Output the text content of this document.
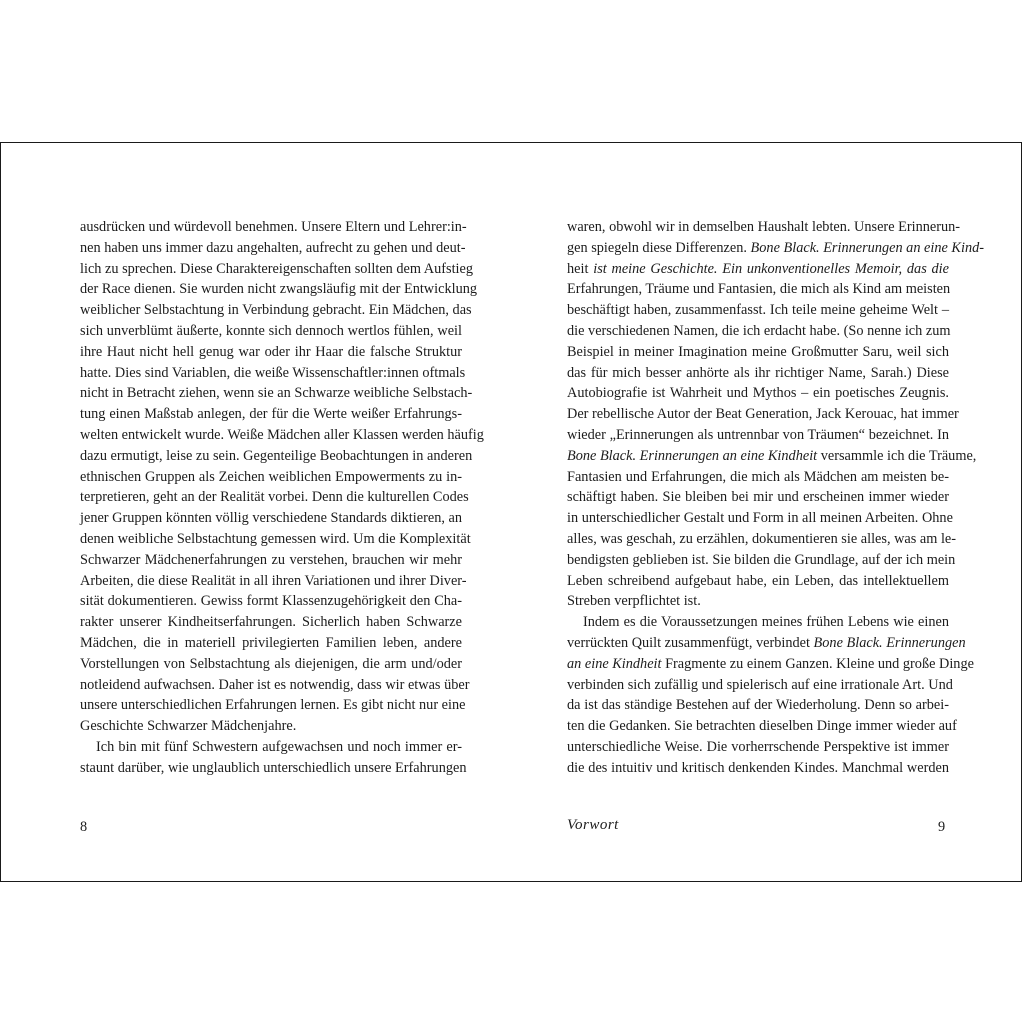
ausdrücken und würdevoll benehmen. Unsere Eltern und Lehrer:in-
nen haben uns immer dazu angehalten, aufrecht zu gehen und deut-
lich zu sprechen. Diese Charaktereigenschaften sollten dem Aufstieg
der Race dienen. Sie wurden nicht zwangsläufig mit der Entwicklung
weiblicher Selbstachtung in Verbindung gebracht. Ein Mädchen, das
sich unverblümt äußerte, konnte sich dennoch wertlos fühlen, weil
ihre Haut nicht hell genug war oder ihr Haar die falsche Struktur
hatte. Dies sind Variablen, die weiße Wissenschaftler:innen oftmals
nicht in Betracht ziehen, wenn sie an Schwarze weibliche Selbstach-
tung einen Maßstab anlegen, der für die Werte weißer Erfahrungs-
welten entwickelt wurde. Weiße Mädchen aller Klassen werden häufig
dazu ermutigt, leise zu sein. Gegenteilige Beobachtungen in anderen
ethnischen Gruppen als Zeichen weiblichen Empowerments zu in-
terpretieren, geht an der Realität vorbei. Denn die kulturellen Codes
jener Gruppen könnten völlig verschiedene Standards diktieren, an
denen weibliche Selbstachtung gemessen wird. Um die Komplexität
Schwarzer Mädchenerfahrungen zu verstehen, brauchen wir mehr
Arbeiten, die diese Realität in all ihren Variationen und ihrer Diver-
sität dokumentieren. Gewiss formt Klassenzugehörigkeit den Cha-
rakter unserer Kindheitserfahrungen. Sicherlich haben Schwarze
Mädchen, die in materiell privilegierten Familien leben, andere
Vorstellungen von Selbstachtung als diejenigen, die arm und/oder
notleidend aufwachsen. Daher ist es notwendig, dass wir etwas über
unsere unterschiedlichen Erfahrungen lernen. Es gibt nicht nur eine
Geschichte Schwarzer Mädchenjahre.
Ich bin mit fünf Schwestern aufgewachsen und noch immer er-
staunt darüber, wie unglaublich unterschiedlich unsere Erfahrungen
waren, obwohl wir in demselben Haushalt lebten. Unsere Erinnerun-
gen spiegeln diese Differenzen. Bone Black. Erinnerungen an eine Kind-
heit ist meine Geschichte. Ein unkonventionelles Memoir, das die
Erfahrungen, Träume und Fantasien, die mich als Kind am meisten
beschäftigt haben, zusammenfasst. Ich teile meine geheime Welt –
die verschiedenen Namen, die ich erdacht habe. (So nenne ich zum
Beispiel in meiner Imagination meine Großmutter Saru, weil sich
das für mich besser anhörte als ihr richtiger Name, Sarah.) Diese
Autobiografie ist Wahrheit und Mythos – ein poetisches Zeugnis.
Der rebellische Autor der Beat Generation, Jack Kerouac, hat immer
wieder „Erinnerungen als untrennbar von Träumen“ bezeichnet. In
Bone Black. Erinnerungen an eine Kindheit versammle ich die Träume,
Fantasien und Erfahrungen, die mich als Mädchen am meisten be-
schäftigt haben. Sie bleiben bei mir und erscheinen immer wieder
in unterschiedlicher Gestalt und Form in all meinen Arbeiten. Ohne
alles, was geschah, zu erzählen, dokumentieren sie alles, was am le-
bendigsten geblieben ist. Sie bilden die Grundlage, auf der ich mein
Leben schreibend aufgebaut habe, ein Leben, das intellektuellem
Streben verpflichtet ist.
Indem es die Voraussetzungen meines frühen Lebens wie einen
verrückten Quilt zusammenfügt, verbindet Bone Black. Erinnerungen
an eine Kindheit Fragmente zu einem Ganzen. Kleine und große Dinge
verbinden sich zufällig und spielerisch auf eine irrationale Art. Und
da ist das ständige Bestehen auf der Wiederholung. Denn so arbei-
ten die Gedanken. Sie betrachten dieselben Dinge immer wieder auf
unterschiedliche Weise. Die vorherrschende Perspektive ist immer
die des intuitiv und kritisch denkenden Kindes. Manchmal werden
8	Vorwort	9
